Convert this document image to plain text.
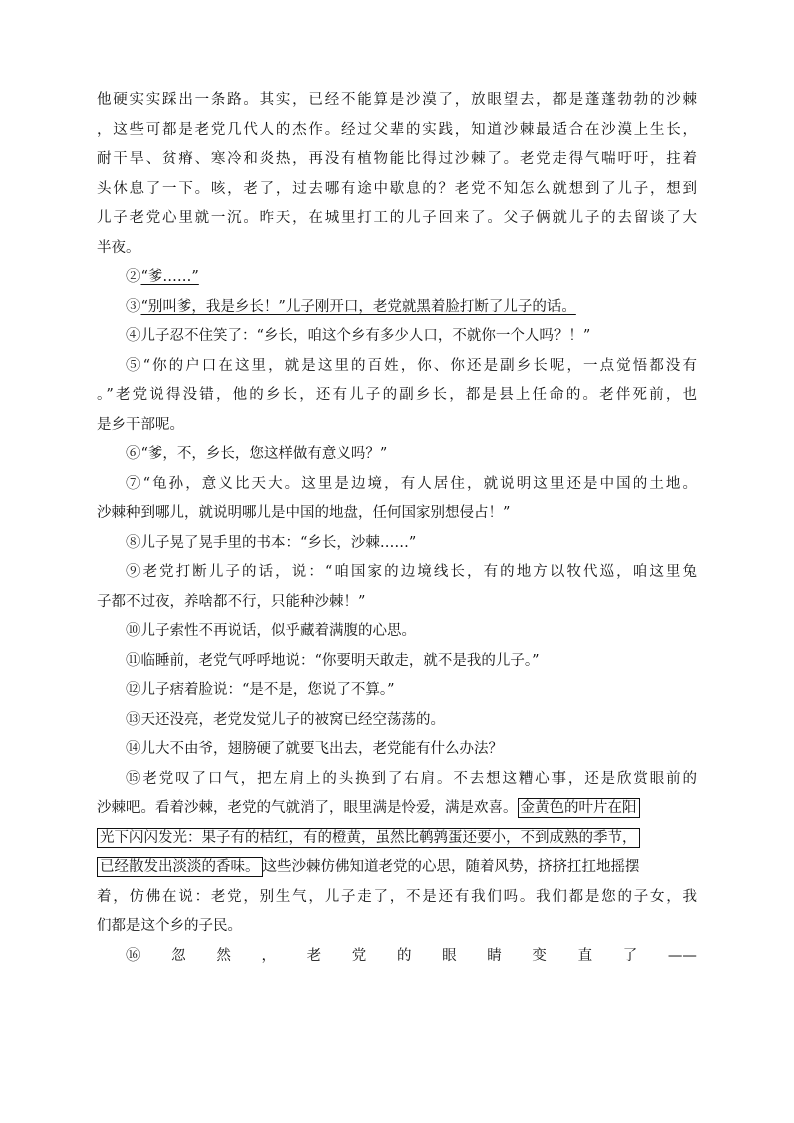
他硬实实踩出一条路。其实，已经不能算是沙漠了，放眼望去，都是蓬蓬勃勃的沙棘
，这些可都是老党几代人的杰作。经过父辈的实践，知道沙棘最适合在沙漠上生长，
耐干旱、贫瘠、寒冷和炎热，再没有植物能比得过沙棘了。老党走得气喘吁吁，拄着
头休息了一下。咳，老了，过去哪有途中歇息的？老党不知怎么就想到了儿子，想到
儿子老党心里就一沉。昨天，在城里打工的儿子回来了。父子俩就儿子的去留谈了大
半夜。
②“爹……”
③“别叫爹，我是乡长！”儿子刚开口，老党就黑着脸打断了儿子的话。
④儿子忍不住笑了：“乡长，咱这个乡有多少人口，不就你一个人吗？！”
⑤“你的户口在这里，就是这里的百姓，你、你还是副乡长呢，一点觉悟都没有
。”老党说得没错，他的乡长，还有儿子的副乡长，都是县上任命的。老伴死前，也
是乡干部呢。
⑥“爹，不，乡长，您这样做有意义吗？”
⑦“龟孙，意义比天大。这里是边境，有人居住，就说明这里还是中国的土地。
沙棘种到哪儿，就说明哪儿是中国的地盘，任何国家别想侵占！”
⑧儿子晃了晃手里的书本：“乡长，沙棘……”
⑨老党打断儿子的话，说：“咱国家的边境线长，有的地方以牧代巡，咱这里兔
子都不过夜，养啥都不行，只能种沙棘！”
⑩儿子索性不再说话，似乎藏着满腹的心思。
⑪临睡前，老党气呼呼地说：“你要明天敢走，就不是我的儿子。”
⑫儿子痞着脸说：“是不是，您说了不算。”
⑬天还没亮，老党发觉儿子的被窝已经空荡荡的。
⑭儿大不由爷，翅膀硬了就要飞出去，老党能有什么办法？
⑮老党叹了口气，把左肩上的头换到了右肩。不去想这糟心事，还是欣赏眼前的
沙棘吧。看着沙棘，老党的气就消了，眼里满是怜爱，满是欢喜。 金黄色的叶片在阳
光下闪闪发光：果子有的桔红，有的橙黄，虽然比鹌鹑蛋还要小，不到成熟的季节，
已经散发出淡淡的香味。 这些沙棘仿佛知道老党的心思，随着风势，挤挤扛扛地摇摆
着，仿佛在说：老党，别生气，儿子走了，不是还有我们吗。我们都是您的子女，我
们都是这个乡的子民。
⑯ 忽 然 ， 老 党 的 眼 睛 变 直 了 ——
